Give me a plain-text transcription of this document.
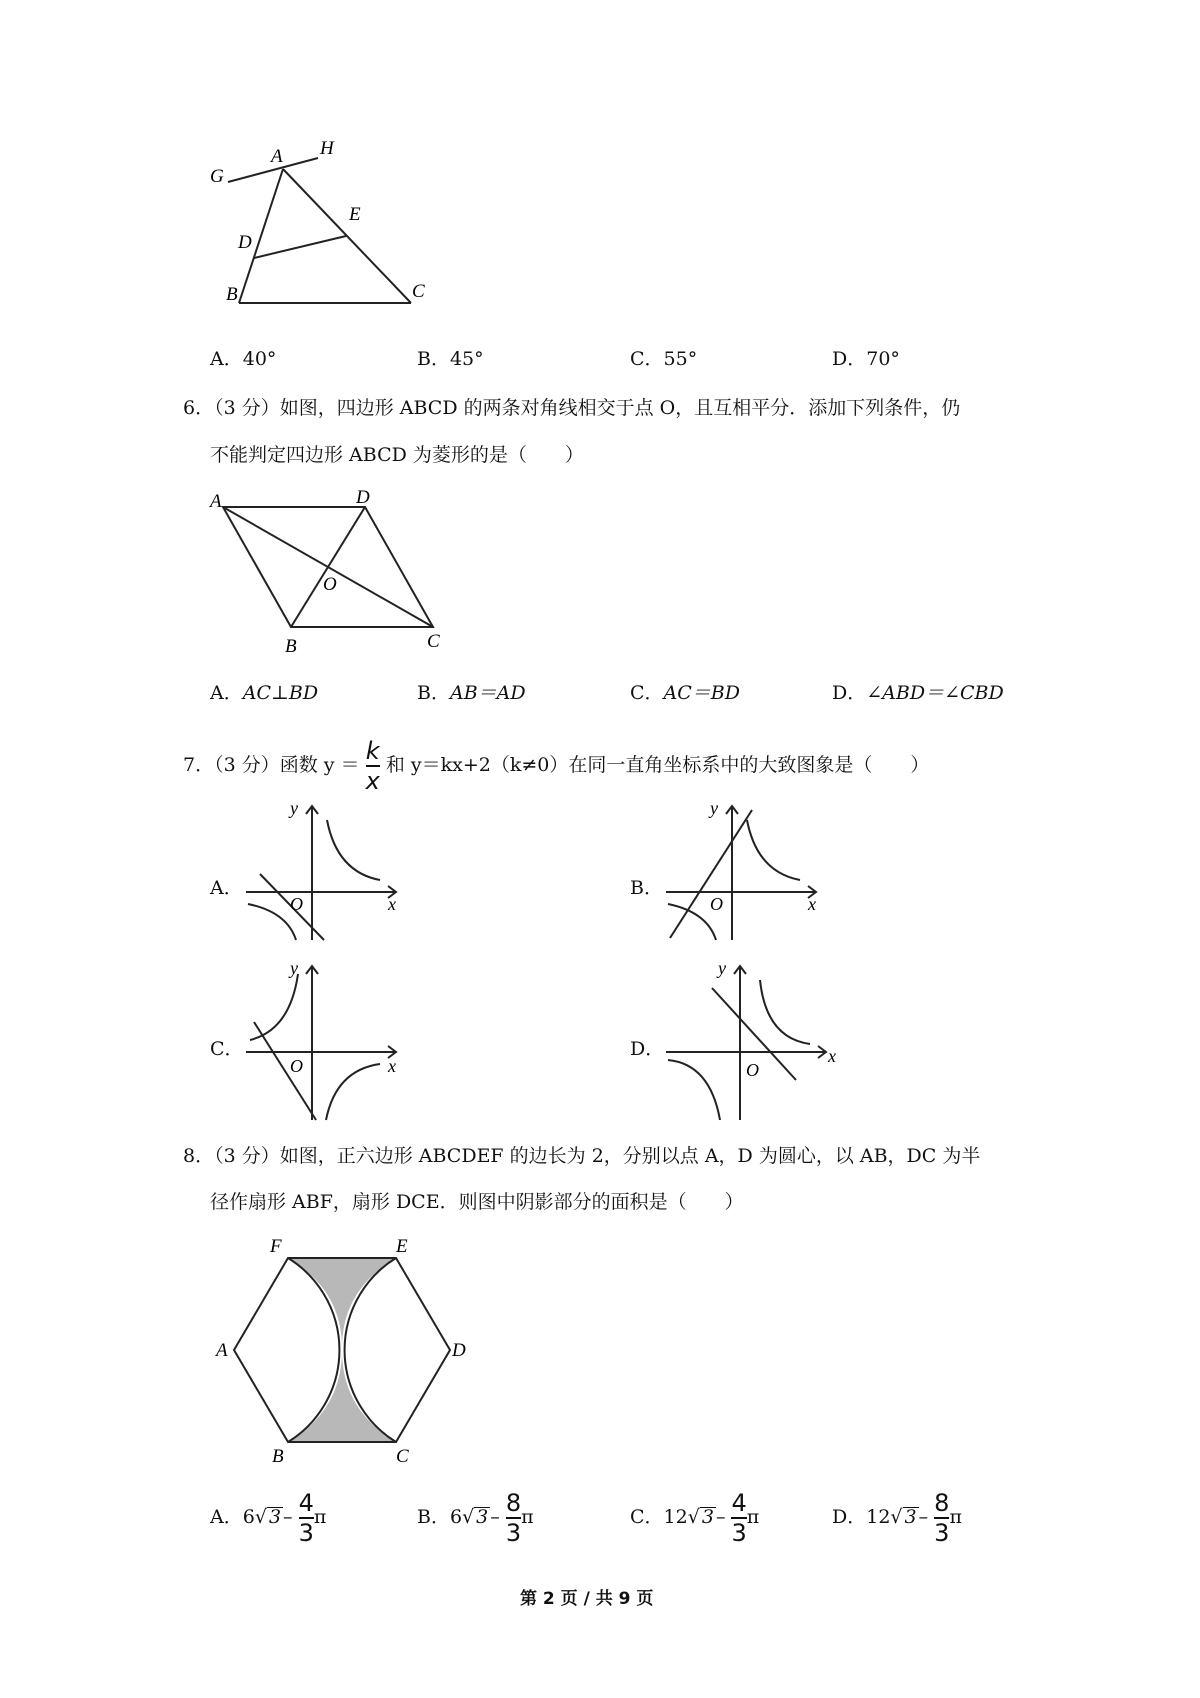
A H
G
E
D
B	C
A．40°	B．45°	C．55°	D．70°
6．（3 分）如图，四边形 ABCD 的两条对角线相交于点 O，且互相平分．添加下列条件，仍
不能判定四边形 ABCD 为菱形的是（　　）
A	D
O
B	C
A．AC⊥BD	B．AB＝AD	C．AC＝BD	D．∠ABD＝∠CBD
7．（3 分）函数 $y = \frac{k}{x}$ 和 y＝kx+2（k≠0）在同一直角坐标系中的大致图象是（　　）
A．	B．
C．	D．
y
x
O
y
x
O
y
x
O
y
x
O
8．（3 分）如图，正六边形 ABCDEF 的边长为 2，分别以点 A，D 为圆心，以 AB，DC 为半
径作扇形 ABF，扇形 DCE．则图中阴影部分的面积是（　　）
F	E
A	D
B	C
A．6√ $3 - \frac{4}{3}$ π	B．6√ $3 - \frac{8}{3}$ π	C．12√ $3 - \frac{4}{3}$ π	D．12√ $3 - \frac{8}{3}$ π
第 2 页 / 共 9 页
